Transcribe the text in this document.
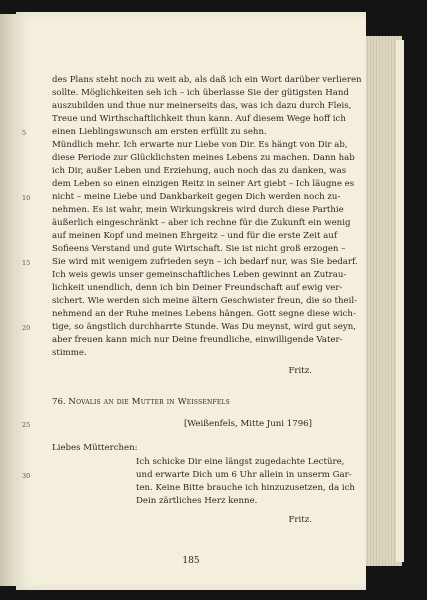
des Plans steht noch zu weit ab, als daß ich ein Wort darüber verlieren
sollte. Möglichkeiten seh ich – ich überlasse Sie der gütigsten Hand
auszubilden und thue nur meinerseits das, was ich dazu durch Fleis,
Treue und Wirthschaftlichkeit thun kann. Auf diesem Wege hoff ich
einen Lieblingswunsch am ersten erfüllt zu sehn.
Mündlich mehr. Ich erwarte nur Liebe von Dir. Es hängt von Dir ab,
diese Periode zur Glücklichsten meines Lebens zu machen. Dann hab
ich Dir, außer Leben und Erziehung, auch noch das zu danken, was
dem Leben so einen einzigen Reitz in seiner Art giebt – Ich läugne es
nicht – meine Liebe und Dankbarkeit gegen Dich werden noch zu-
nehmen. Es ist wahr, mein Wirkungskreis wird durch diese Parthie
äußerlich eingeschränkt – aber ich rechne für die Zukunft ein wenig
auf meinen Kopf und meinen Ehrgeitz – und für die erste Zeit auf
Sofieens Verstand und gute Wirtschaft. Sie ist nicht groß erzogen –
Sie wird mit wenigem zufrieden seyn – ich bedarf nur, was Sie bedarf.
Ich weis gewis unser gemeinschaftliches Leben gewinnt an Zutrau-
lichkeit unendlich, denn ich bin Deiner Freundschaft auf ewig ver-
sichert. Wie werden sich meine ältern Geschwister freun, die so theil-
nehmend an der Ruhe meines Lebens hängen. Gott segne diese wich-
tige, so ängstlich durchharrte Stunde. Was Du meynst, wird gut seyn,
aber freuen kann mich nur Deine freundliche, einwilligende Vater-
stimme.
Fritz.
76. Novalis an die Mutter in Weissenfels
[Weißenfels, Mitte Juni 1796]
Liebes Mütterchen:
Ich schicke Dir eine längst zugedachte Lectüre,
und erwarte Dich um 6 Uhr allein in unserm Gar-
ten. Keine Bitte brauche ich hinzuzusetzen, da ich
Dein zärtliches Herz kenne.
Fritz.
5
10
15
20
25
30
185
